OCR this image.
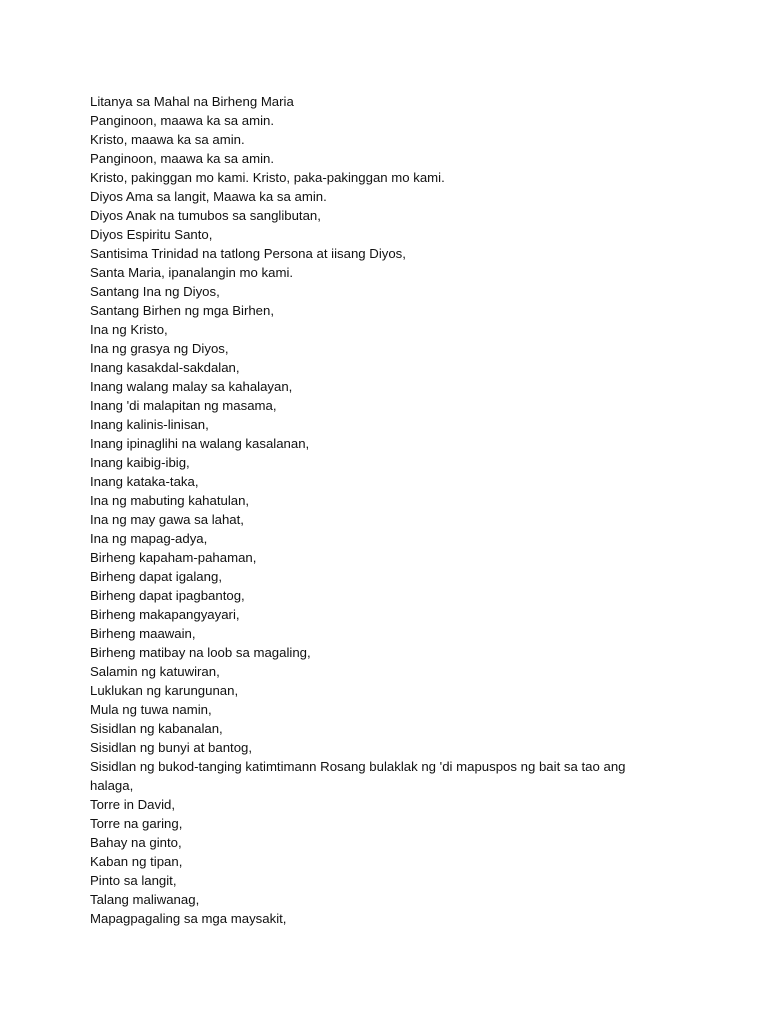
Litanya sa Mahal na Birheng Maria
Panginoon, maawa ka sa amin.
Kristo, maawa ka sa amin.
Panginoon, maawa ka sa amin.
Kristo, pakinggan mo kami. Kristo, paka-pakinggan mo kami.
Diyos Ama sa langit, Maawa ka sa amin.
Diyos Anak na tumubos sa sanglibutan,
Diyos Espiritu Santo,
Santisima Trinidad na tatlong Persona at iisang Diyos,
Santa Maria, ipanalangin mo kami.
Santang Ina ng Diyos,
Santang Birhen ng mga Birhen,
Ina ng Kristo,
Ina ng grasya ng Diyos,
Inang kasakdal-sakdalan,
Inang walang malay sa kahalayan,
Inang 'di malapitan ng masama,
Inang kalinis-linisan,
Inang ipinaglihi na walang kasalanan,
Inang kaibig-ibig,
Inang kataka-taka,
Ina ng mabuting kahatulan,
Ina ng may gawa sa lahat,
Ina ng mapag-adya,
Birheng kapaham-pahaman,
Birheng dapat igalang,
Birheng dapat ipagbantog,
Birheng makapangyayari,
Birheng maawain,
Birheng matibay na loob sa magaling,
Salamin ng katuwiran,
Luklukan ng karungunan,
Mula ng tuwa namin,
Sisidlan ng kabanalan,
Sisidlan ng bunyi at bantog,
Sisidlan ng bukod-tanging katimtimann Rosang bulaklak ng 'di mapuspos ng bait sa tao ang
halaga,
Torre in David,
Torre na garing,
Bahay na ginto,
Kaban ng tipan,
Pinto sa langit,
Talang maliwanag,
Mapagpagaling sa mga maysakit,
